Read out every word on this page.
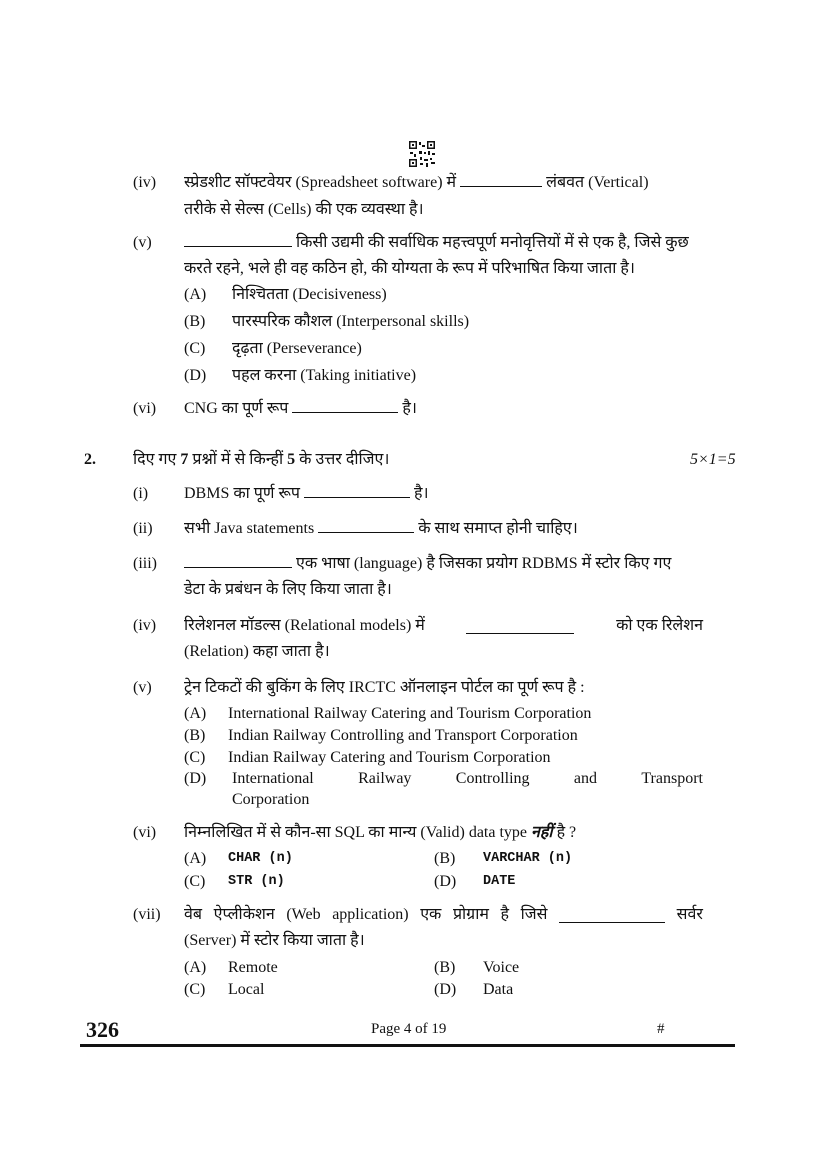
(iv) स्प्रेडशीट सॉफ्टवेयर (Spreadsheet software) में	लंबवत (Vertical)
तरीके से सेल्स (Cells) की एक व्यवस्था है।
(v)	किसी उद्यमी की सर्वाधिक महत्त्वपूर्ण मनोवृत्तियों में से एक है, जिसे कुछ
करते रहने, भले ही वह कठिन हो, की योग्यता के रूप में परिभाषित किया जाता है।
(A) निश्चितता (Decisiveness)
(B) पारस्परिक कौशल (Interpersonal skills)
(C) दृढ़ता (Perseverance)
(D) पहल करना (Taking initiative)
(vi) CNG का पूर्ण रूप	है।
2. दिए गए 7 प्रश्नों में से किन्हीं 5 के उत्तर दीजिए।	5×1=5
(i) DBMS का पूर्ण रूप	है।
(ii) सभी Java statements	के साथ समाप्त होनी चाहिए।
(iii)	एक भाषा (language) है जिसका प्रयोग RDBMS में स्टोर किए गए
डेटा के प्रबंधन के लिए किया जाता है।
(iv) रिलेशनल मॉडल्स (Relational models) में	को एक रिलेशन
(Relation) कहा जाता है।
(v) ट्रेन टिकटों की बुकिंग के लिए IRCTC ऑनलाइन पोर्टल का पूर्ण रूप है :
(A) International Railway Catering and Tourism Corporation
(B) Indian Railway Controlling and Transport Corporation
(C) Indian Railway Catering and Tourism Corporation
(D) International	Railway	Controlling	and	Transport
Corporation
(vi) निम्नलिखित में से कौन-सा SQL का मान्य (Valid) data type नहीं है ?
(A) CHAR (n)	(B) VARCHAR (n)
(C) STR (n)	(D) DATE
(vii) वेब ऐप्लीकेशन (Web application) एक प्रोग्राम है जिसे	सर्वर
(Server) में स्टोर किया जाता है।
(A) Remote	(B) Voice
(C) Local	(D) Data
326	Page 4 of 19	#
